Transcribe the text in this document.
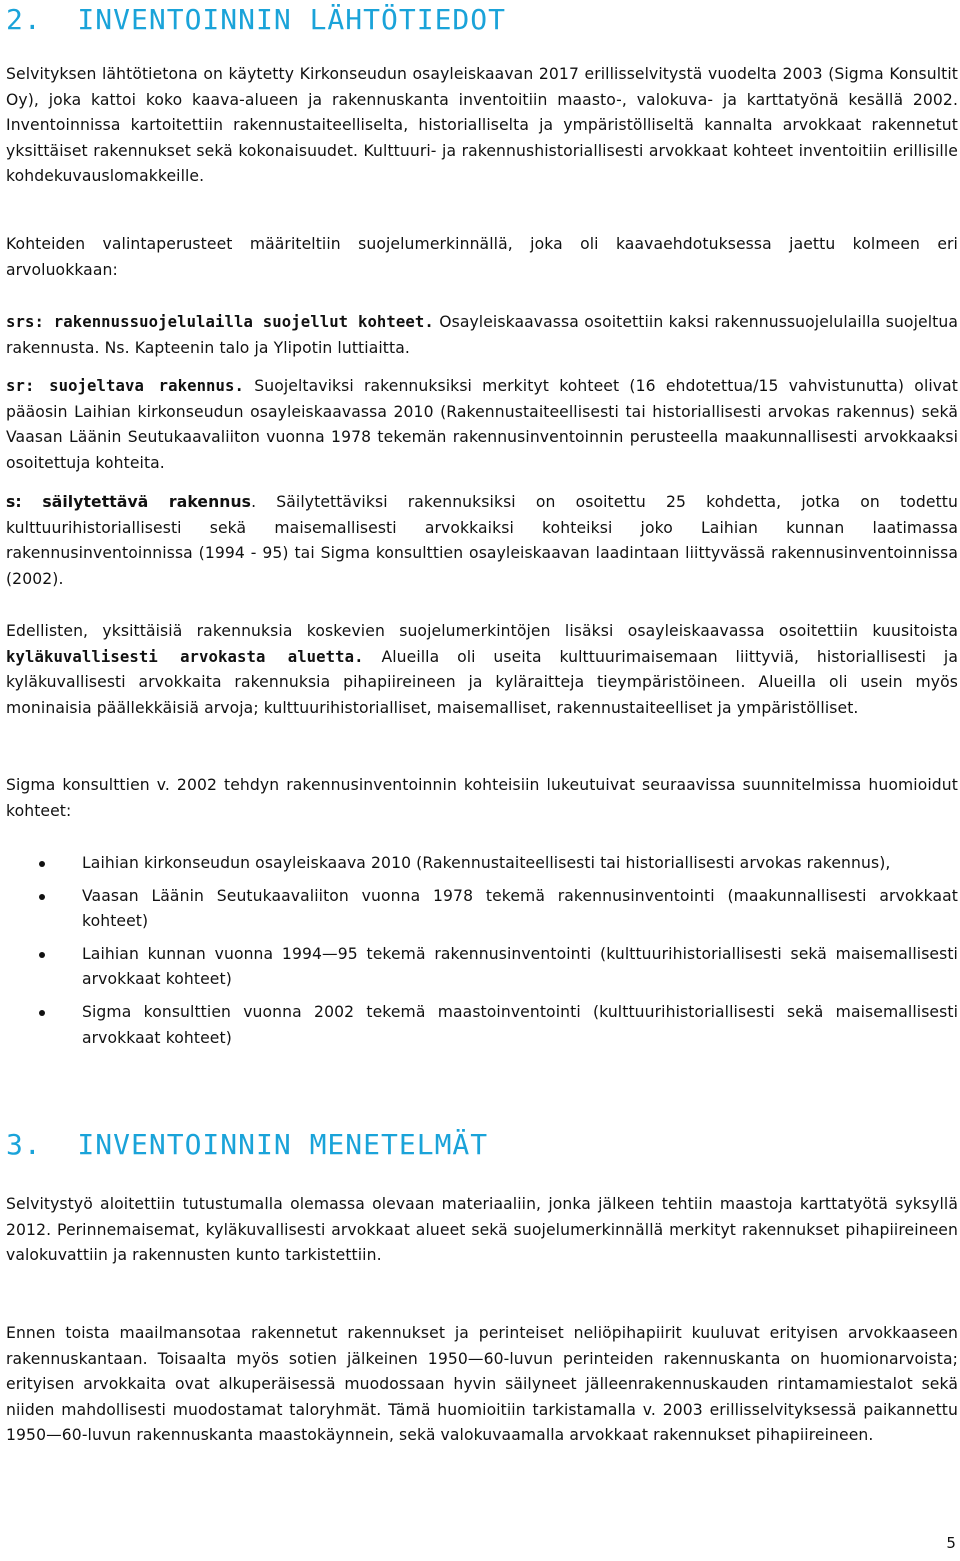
2.  INVENTOINNIN LÄHTÖTIEDOT

Selvityksen lähtötietona on käytetty Kirkonseudun osayleiskaavan 2017 erillisselvitystä vuodelta 2003 (Sigma Konsultit Oy), joka kattoi koko kaava-alueen ja rakennuskanta inventoitiin maasto-, valokuva- ja karttatyönä kesällä 2002. Inventoinnissa kartoitettiin rakennustaiteelliselta, historialliselta ja ympäristölliseltä kannalta arvokkaat rakennetut yksittäiset rakennukset sekä kokonaisuudet. Kulttuuri- ja rakennushistoriallisesti arvokkaat kohteet inventoitiin erillisille kohdekuvauslomakkeille.

Kohteiden valintaperusteet määriteltiin suojelumerkinnällä, joka oli kaavaehdotuksessa jaettu kolmeen eri arvoluokkaan:

srs: rakennussuojelulailla suojellut kohteet. Osayleiskaavassa osoitettiin kaksi rakennussuojelulailla suojeltua rakennusta. Ns. Kapteenin talo ja Ylipotin luttiaitta.

sr: suojeltava rakennus. Suojeltaviksi rakennuksiksi merkityt kohteet (16 ehdotettua/15 vahvistunutta) olivat pääosin Laihian kirkonseudun osayleiskaavassa 2010 (Rakennustaiteellisesti tai historiallisesti arvokas rakennus) sekä Vaasan Läänin Seutukaavaliiton vuonna 1978 tekemän rakennusinventoinnin perusteella maakunnallisesti arvokkaaksi osoitettuja kohteita.

s: säilytettävä rakennus. Säilytettäviksi rakennuksiksi on osoitettu 25 kohdetta, jotka on todettu kulttuurihistoriallisesti sekä maisemallisesti arvokkaiksi kohteiksi joko Laihian kunnan laatimassa rakennusinventoinnissa (1994 - 95) tai Sigma konsulttien osayleiskaavan laadintaan liittyvässä rakennusinventoinnissa (2002).

Edellisten, yksittäisiä rakennuksia koskevien suojelumerkintöjen lisäksi osayleiskaavassa osoitettiin kuusitoista kyläkuvallisesti arvokasta aluetta. Alueilla oli useita kulttuurimaisemaan liittyviä, historiallisesti ja kyläkuvallisesti arvokkaita rakennuksia pihapiireineen ja kyläraitteja tieympäristöineen. Alueilla oli usein myös moninaisia päällekkäisiä arvoja; kulttuurihistorialliset, maisemalliset, rakennustaiteelliset ja ympäristölliset.

Sigma konsulttien v. 2002 tehdyn rakennusinventoinnin kohteisiin lukeutuivat seuraavissa suunnitelmissa huomioidut kohteet:

Laihian kirkonseudun osayleiskaava 2010 (Rakennustaiteellisesti tai historiallisesti arvokas rakennus),
Vaasan Läänin Seutukaavaliiton vuonna 1978 tekemä rakennusinventointi (maakunnallisesti arvokkaat kohteet)
Laihian kunnan vuonna 1994—95 tekemä rakennusinventointi (kulttuurihistoriallisesti sekä maisemallisesti arvokkaat kohteet)
Sigma konsulttien vuonna 2002 tekemä maastoinventointi (kulttuurihistoriallisesti sekä maisemallisesti arvokkaat kohteet)
3.  INVENTOINNIN MENETELMÄT

Selvitystyö aloitettiin tutustumalla olemassa olevaan materiaaliin, jonka jälkeen tehtiin maastoja karttatyötä syksyllä 2012. Perinnemaisemat, kyläkuvallisesti arvokkaat alueet sekä suojelumerkinnällä merkityt rakennukset pihapiireineen valokuvattiin ja rakennusten kunto tarkistettiin.

Ennen toista maailmansotaa rakennetut rakennukset ja perinteiset neliöpihapiirit kuuluvat erityisen arvokkaaseen rakennuskantaan. Toisaalta myös sotien jälkeinen 1950—60-luvun perinteiden rakennuskanta on huomionarvoista; erityisen arvokkaita ovat alkuperäisessä muodossaan hyvin säilyneet jälleenrakennuskauden rintamamiestalot sekä niiden mahdollisesti muodostamat taloryhmät. Tämä huomioitiin tarkistamalla v. 2003 erillisselvityksessä paikannettu 1950—60-luvun rakennuskanta maastokäynnein, sekä valokuvaamalla arvokkaat rakennukset pihapiireineen.

5
